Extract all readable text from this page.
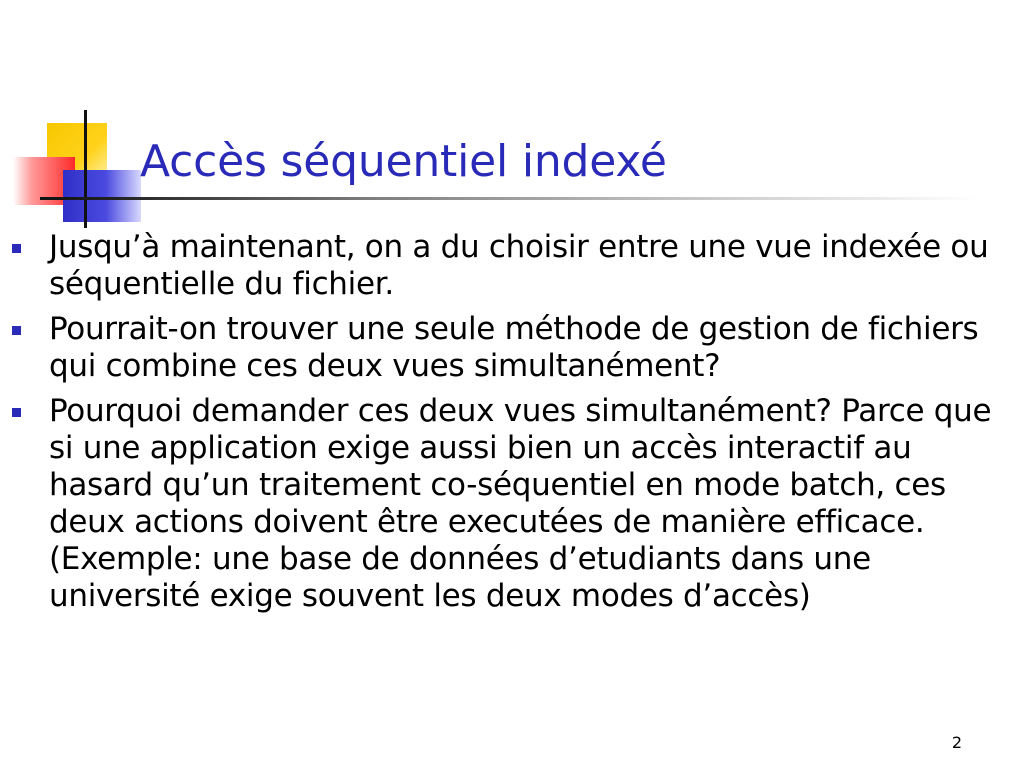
Accès séquentiel indexé
Jusqu’à maintenant, on a du choisir entre une vue indexée ou séquentielle du fichier.
Pourrait-on trouver une seule méthode de gestion de fichiers qui combine ces deux vues simultanément?
Pourquoi demander ces deux vues simultanément? Parce que si une application exige aussi bien un accès interactif au hasard qu’un traitement co-séquentiel en mode batch, ces deux actions doivent être executées de manière efficace. (Exemple: une base de données d’etudiants dans une université exige souvent les deux modes d’accès)
2
